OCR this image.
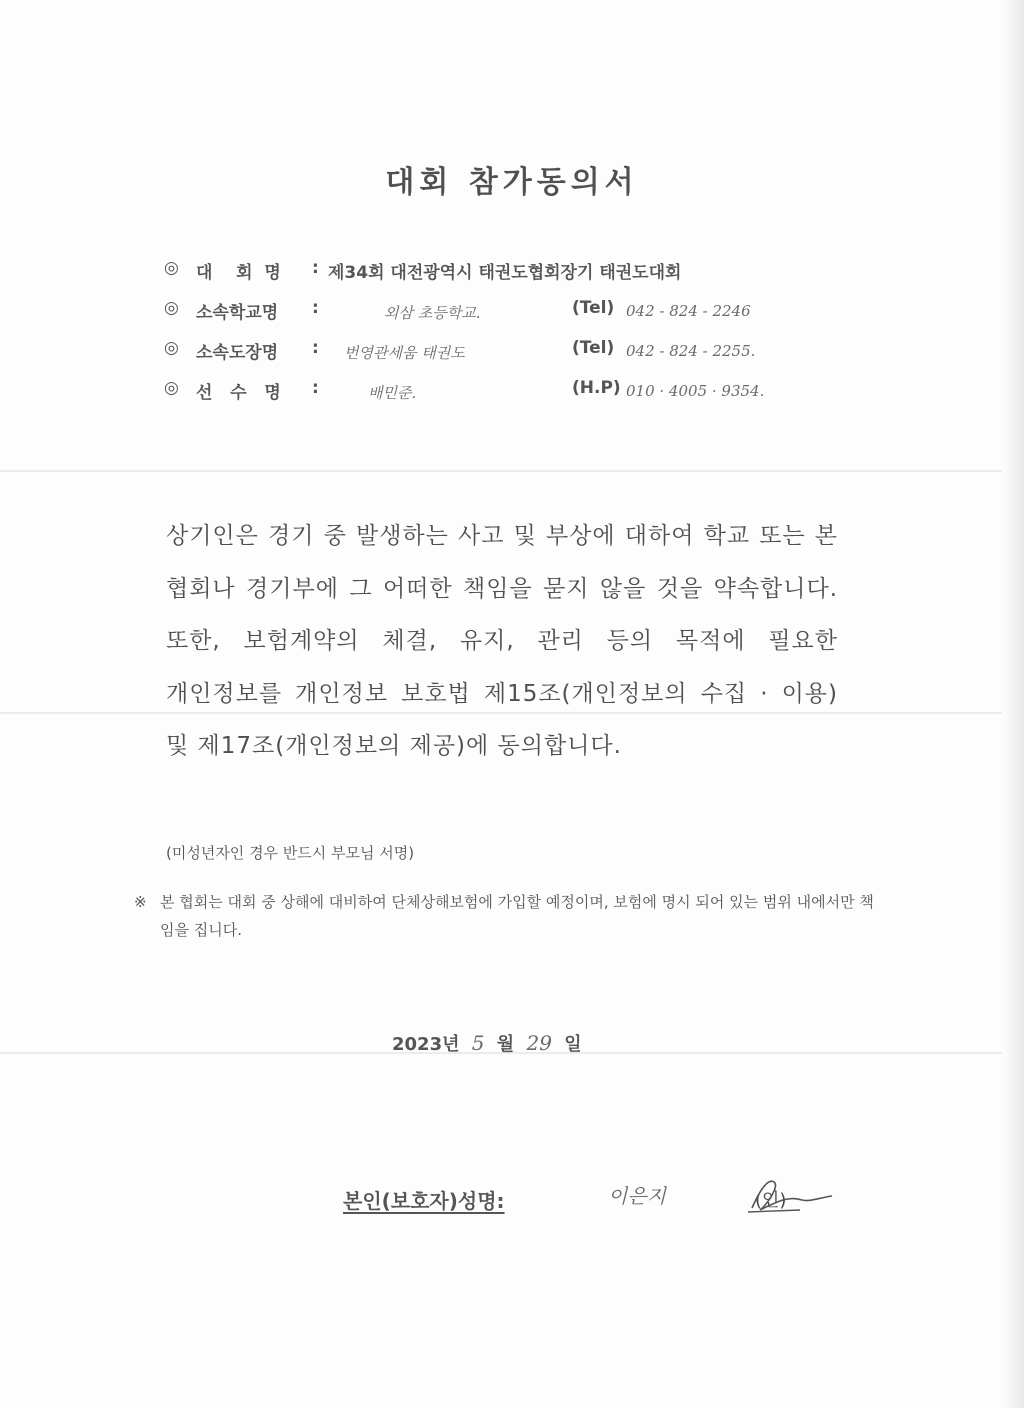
대회 참가동의서
◎ 대    회  명 : 제34회 대전광역시 태권도협회장기 태권도대회
◎ 소속학교명 :	외삼 초등학교.	(Tel) 042 - 824 - 2246
◎ 소속도장명 : 번영관세움 태권도	(Tel) 042 - 824 - 2255.
◎ 선   수   명 :	배민준.	(H.P) 010 · 4005 · 9354.
상기인은 경기 중 발생하는 사고 및 부상에 대하여 학교 또는 본 협회나 경기부에 그 어떠한 책임을 묻지 않을 것을 약속합니다. 또한, 보험계약의 체결, 유지, 관리 등의 목적에 필요한 개인정보를 개인정보 보호법 제15조(개인정보의 수집 · 이용) 및 제17조(개인정보의 제공)에 동의합니다.
(미성년자인 경우 반드시 부모님 서명)
※ 본 협회는 대회 중 상해에 대비하여 단체상해보험에 가입할 예정이며, 보험에 명시 되어 있는 범위 내에서만 책임을 집니다.
2023년 5 월 29 일
본인(보호자)성명:	이은지	(인)
